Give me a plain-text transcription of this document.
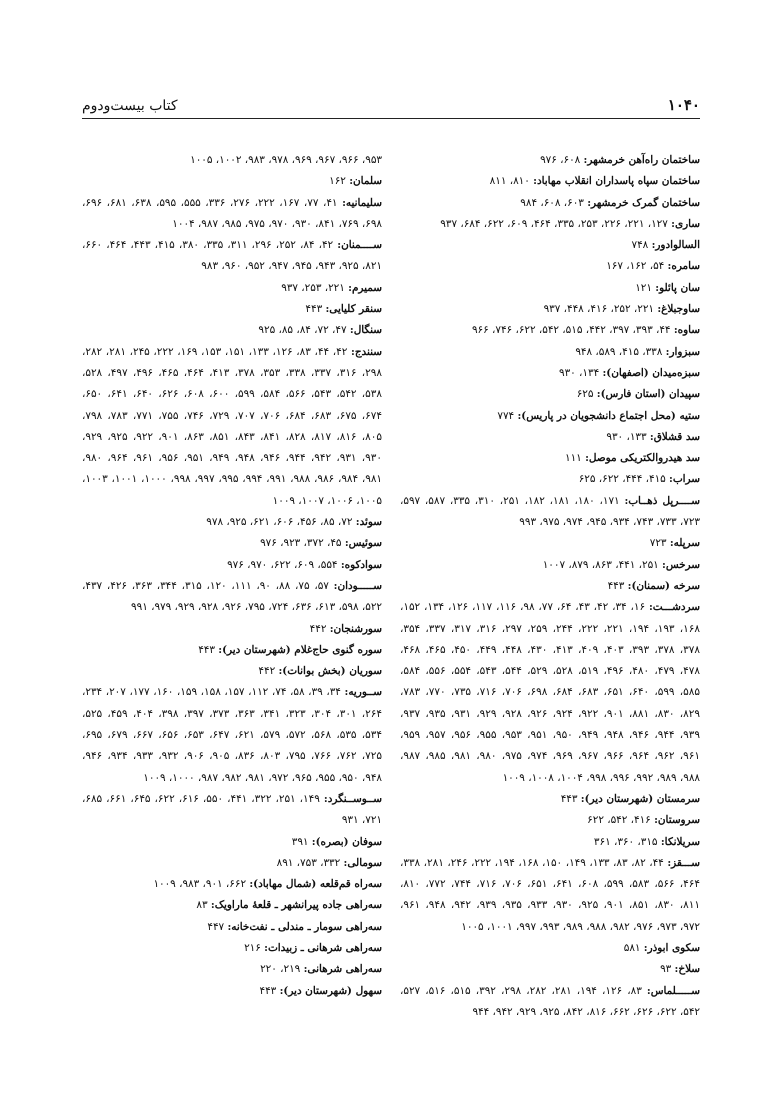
۱۰۴۰
کتاب بیست‌ودوم

ساختمان راه‌آهن خرمشهر: ۶۰۸، ۹۷۶

ساختمان سپاه پاسداران انقلاب مهاباد: ۸۱۰، ۸۱۱

ساختمان گمرک خرمشهر: ۶۰۳، ۶۰۸، ۹۸۴

ساری: ۱۲۷، ۲۲۱، ۲۲۶، ۲۵۳، ۳۳۵، ۴۶۴، ۶۰۹، ۶۲۲، ۶۸۴، ۹۳۷

السالوادور: ۷۴۸

سامره: ۵۴، ۱۶۲، ۱۶۷

سان پائلو: ۱۲۱

ساوجبلاغ: ۲۲۱، ۲۵۲، ۴۱۶، ۴۴۸، ۹۳۷

ساوه: ۴۴، ۳۹۳، ۳۹۷، ۴۴۲، ۵۱۵، ۵۴۲، ۶۲۲، ۷۴۶، ۹۶۶

سبزوار: ۳۳۸، ۴۱۵، ۵۸۹، ۹۴۸

سبزه‌میدان (اصفهان): ۱۳۴، ۹۳۰

سپیدان (استان فارس): ۶۲۵

ستیه (محل اجتماع دانشجویان در پاریس): ۷۷۴

سد قشلاق: ۱۳۳، ۹۳۰

سد هیدروالکتریکی موصل: ۱۱۱

سراب: ۴۱۵، ۴۴۴، ۶۲۲، ۶۲۵

ســــرپل ذهــاب: ۱۷۱، ۱۸۰، ۱۸۱، ۱۸۲، ۲۵۱، ۳۱۰، ۳۳۵، ۵۸۷، ۵۹۷، ۷۲۳، ۷۳۳، ۷۴۳، ۹۳۴، ۹۴۵، ۹۷۴، ۹۷۵، ۹۹۳

سرپله: ۷۲۳

سرخس: ۲۵۱، ۴۴۱، ۸۶۳، ۸۷۹، ۱۰۰۷

سرخه (سمنان): ۴۴۳

سردشـــت: ۱۶، ۳۴، ۴۲، ۴۳، ۶۴، ۷۷، ۹۸، ۱۱۶، ۱۱۷، ۱۲۶، ۱۳۴، ۱۵۲، ۱۶۸، ۱۹۳، ۱۹۴، ۲۲۱، ۲۲۲، ۲۴۴، ۲۵۹، ۲۹۷، ۳۱۶، ۳۱۷، ۳۳۷، ۳۵۴، ۳۷۸، ۳۷۸، ۳۹۳، ۴۰۳، ۴۰۹، ۴۱۳، ۴۳۰، ۴۴۸، ۴۴۹، ۴۵۰، ۴۶۵، ۴۶۸، ۴۷۸، ۴۷۹، ۴۸۰، ۴۹۶، ۵۱۹، ۵۲۸، ۵۲۹، ۵۴۴، ۵۴۳، ۵۵۴، ۵۵۶، ۵۸۴، ۵۸۵، ۵۹۹، ۶۴۰، ۶۵۱، ۶۸۳، ۶۸۴، ۶۹۸، ۷۰۶، ۷۱۶، ۷۳۵، ۷۷۰، ۷۸۳، ۸۲۹، ۸۳۰، ۸۸۱، ۹۰۱، ۹۲۲، ۹۲۴، ۹۲۶، ۹۲۸، ۹۲۹، ۹۳۱، ۹۳۵، ۹۳۷، ۹۳۹، ۹۴۴، ۹۴۶، ۹۴۸، ۹۴۹، ۹۵۰، ۹۵۱، ۹۵۳، ۹۵۵، ۹۵۶، ۹۵۷، ۹۵۹، ۹۶۱، ۹۶۲، ۹۶۴، ۹۶۶، ۹۶۷، ۹۶۹، ۹۷۴، ۹۷۵، ۹۸۰، ۹۸۱، ۹۸۵، ۹۸۷، ۹۸۸، ۹۸۹، ۹۹۲، ۹۹۶، ۹۹۸، ۱۰۰۴، ۱۰۰۸، ۱۰۰۹

سرمستان (شهرستان دیر): ۴۴۳

سروستان: ۴۱۶، ۵۴۲، ۶۲۲

سریلانکا: ۳۱۵، ۳۶۰، ۳۶۱

ســـقز: ۴۴، ۸۲، ۸۳، ۱۳۳، ۱۴۹، ۱۵۰، ۱۶۸، ۱۹۴، ۲۲۲، ۲۴۶، ۲۸۱، ۳۳۸، ۴۶۴، ۵۶۶، ۵۸۳، ۵۹۹، ۶۰۸، ۶۴۱، ۶۵۱، ۷۰۶، ۷۱۶، ۷۴۴، ۷۷۲، ۸۱۰، ۸۱۱، ۸۳۰، ۸۵۱، ۹۰۱، ۹۲۵، ۹۳۰، ۹۳۳، ۹۳۵، ۹۳۹، ۹۴۲، ۹۴۸، ۹۶۱، ۹۷۲، ۹۷۳، ۹۷۶، ۹۸۲، ۹۸۸، ۹۸۹، ۹۹۳، ۹۹۷، ۱۰۰۱، ۱۰۰۵

سکوی ابوذر: ۵۸۱

سلاخ: ۹۳

ســـــلماس: ۸۳، ۱۲۶، ۱۹۴، ۲۸۱، ۲۸۲، ۲۹۸، ۳۹۲، ۵۱۵، ۵۱۶، ۵۲۷، ۵۴۲، ۶۲۲، ۶۲۶، ۶۶۲، ۸۱۶، ۸۴۲، ۹۲۵، ۹۲۹، ۹۴۲، ۹۴۴

۹۵۳، ۹۶۶، ۹۶۷، ۹۶۹، ۹۷۸، ۹۸۳، ۱۰۰۲، ۱۰۰۵

سلمان: ۱۶۲

سلیمانیه: ۴۱، ۷۷، ۱۶۷، ۲۲۲، ۲۷۶، ۳۳۶، ۵۵۵، ۵۹۵، ۶۳۸، ۶۸۱، ۶۹۶، ۶۹۸، ۷۶۹، ۸۴۱، ۹۳۰، ۹۷۰، ۹۷۵، ۹۸۵، ۹۸۷، ۱۰۰۴

ســــمنان: ۴۲، ۸۴، ۲۵۲، ۲۹۶، ۳۱۱، ۳۳۵، ۳۸۰، ۴۱۵، ۴۴۳، ۴۶۴، ۶۶۰، ۸۲۱، ۹۲۵، ۹۴۳، ۹۴۵، ۹۴۷، ۹۵۲، ۹۶۰، ۹۸۳

سمیرم: ۲۲۱، ۲۵۳، ۹۳۷

سنقر کلیایی: ۴۴۳

سنگال: ۴۷، ۷۲، ۸۴، ۸۵، ۹۲۵

سنندج: ۴۲، ۴۴، ۸۳، ۱۲۶، ۱۳۳، ۱۵۱، ۱۵۳، ۱۶۹، ۲۲۲، ۲۴۵، ۲۸۱، ۲۸۲، ۲۹۸، ۳۱۶، ۳۳۷، ۳۳۸، ۳۵۳، ۳۷۸، ۴۱۳، ۴۶۴، ۴۶۵، ۴۹۶، ۴۹۷، ۵۲۸، ۵۳۸، ۵۴۲، ۵۴۳، ۵۶۶، ۵۸۴، ۵۹۹، ۶۰۰، ۶۰۸، ۶۲۶، ۶۴۰، ۶۴۱، ۶۵۰، ۶۷۴، ۶۷۵، ۶۸۳، ۶۸۴، ۷۰۶، ۷۰۷، ۷۲۹، ۷۴۶، ۷۵۵، ۷۷۱، ۷۸۳، ۷۹۸، ۸۰۵، ۸۱۶، ۸۱۷، ۸۲۸، ۸۴۱، ۸۴۳، ۸۵۱، ۸۶۳، ۹۰۱، ۹۲۲، ۹۲۵، ۹۲۹، ۹۳۰، ۹۳۱، ۹۴۲، ۹۴۴، ۹۴۶، ۹۴۸، ۹۴۹، ۹۵۱، ۹۵۶، ۹۶۱، ۹۶۴، ۹۸۰، ۹۸۱، ۹۸۴، ۹۸۶، ۹۸۸، ۹۹۱، ۹۹۴، ۹۹۵، ۹۹۷، ۹۹۸، ۱۰۰۰، ۱۰۰۱، ۱۰۰۳، ۱۰۰۵، ۱۰۰۶، ۱۰۰۷، ۱۰۰۹

سوئد: ۷۲، ۸۵، ۴۵۶، ۶۰۶، ۶۲۱، ۹۲۵، ۹۷۸

سوئیس: ۴۵، ۳۷۲، ۹۲۳، ۹۷۶

سوادکوه: ۵۵۴، ۶۰۹، ۶۲۲، ۹۷۰، ۹۷۶

ســـــودان: ۵۷، ۷۵، ۸۸، ۹۰، ۱۱۱، ۱۲۰، ۳۱۵، ۳۴۴، ۳۶۳، ۴۲۶، ۴۳۷، ۵۲۲، ۵۹۸، ۶۱۳، ۶۳۶، ۷۲۴، ۷۹۵، ۹۲۶، ۹۲۸، ۹۲۹، ۹۷۹، ۹۹۱

سورشنجان: ۴۴۲

سوره گنوی حاج‌غلام (شهرستان دیر): ۴۴۳

سوریان (بخش بوانات): ۴۴۲

ســوریه: ۳۴، ۳۹، ۵۸، ۷۴، ۱۱۲، ۱۵۷، ۱۵۸، ۱۵۹، ۱۶۰، ۱۷۷، ۲۰۷، ۲۳۴، ۲۶۴، ۳۰۱، ۳۰۴، ۳۲۳، ۳۴۱، ۳۶۳، ۳۷۳، ۳۹۷، ۳۹۸، ۴۰۴، ۴۵۹، ۵۲۵، ۵۳۴، ۵۳۵، ۵۶۸، ۵۷۲، ۵۷۹، ۶۲۱، ۶۴۷، ۶۵۳، ۶۵۶، ۶۶۷، ۶۷۹، ۶۹۵، ۷۲۵، ۷۶۲، ۷۶۶، ۷۹۵، ۸۰۳، ۸۳۶، ۹۰۵، ۹۰۶، ۹۳۲، ۹۳۳، ۹۳۴، ۹۴۶، ۹۴۸، ۹۵۰، ۹۵۵، ۹۶۵، ۹۷۲، ۹۸۱، ۹۸۲، ۹۸۷، ۱۰۰۰، ۱۰۰۹

ســوســنگرد: ۱۴۹، ۲۵۱، ۳۲۲، ۴۴۱، ۵۵۰، ۶۱۶، ۶۲۲، ۶۴۵، ۶۶۱، ۶۸۵، ۷۲۱، ۹۳۱

سوفان (بصره): ۳۹۱

سومالی: ۳۳۲، ۷۵۳، ۸۹۱

سه‌راه قم‌قلعه (شمال مهاباد): ۶۶۲، ۹۰۱، ۹۸۳، ۱۰۰۹

سه‌راهی جاده پیرانشهر ـ قلعهٔ ماراویک: ۸۳

سه‌راهی سومار ـ مندلی ـ نفت‌خانه: ۴۴۷

سه‌راهی شرهانی ـ زبیدات: ۲۱۶

سه‌راهی شرهانی: ۲۱۹، ۲۲۰

سهول (شهرستان دیر): ۴۴۳
